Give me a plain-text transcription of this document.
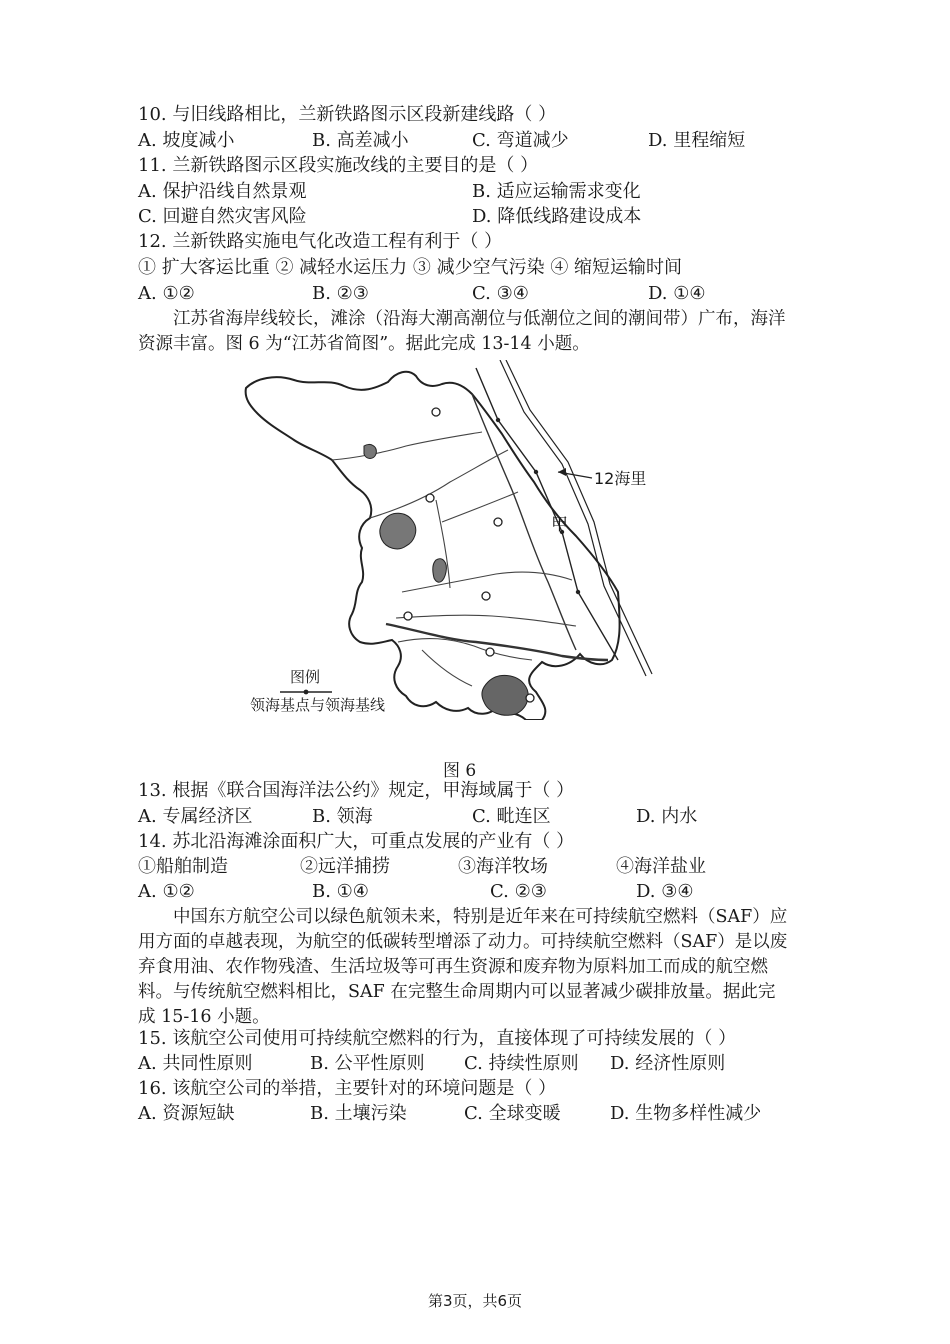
10. 与旧线路相比，兰新铁路图示区段新建线路（ ）
A. 坡度减小	B. 高差减小	C. 弯道减少	D. 里程缩短
11. 兰新铁路图示区段实施改线的主要目的是（ ）
A. 保护沿线自然景观	B. 适应运输需求变化
C. 回避自然灾害风险	D. 降低线路建设成本
12. 兰新铁路实施电气化改造工程有利于（ ）
① 扩大客运比重 ② 减轻水运压力 ③ 减少空气污染 ④ 缩短运输时间
A. ①②	B. ②③	C. ③④	D. ①④
江苏省海岸线较长，滩涂（沿海大潮高潮位与低潮位之间的潮间带）广布，海洋资源丰富。图 6 为“江苏省简图”。据此完成 13-14 小题。
12海里
甲
图例
领海基点与领海基线
图 6
13. 根据《联合国海洋法公约》规定，甲海域属于（ ）
A. 专属经济区	B. 领海	C. 毗连区	D. 内水
14. 苏北沿海滩涂面积广大，可重点发展的产业有（ ）
①船舶制造	②远洋捕捞	③海洋牧场	④海洋盐业
A. ①②	B. ①④	C. ②③	D. ③④
中国东方航空公司以绿色航领未来，特别是近年来在可持续航空燃料（SAF）应用方面的卓越表现，为航空的低碳转型增添了动力。可持续航空燃料（SAF）是以废弃食用油、农作物残渣、生活垃圾等可再生资源和废弃物为原料加工而成的航空燃料。与传统航空燃料相比，SAF 在完整生命周期内可以显著减少碳排放量。据此完成 15-16 小题。
15. 该航空公司使用可持续航空燃料的行为，直接体现了可持续发展的（ ）
A. 共同性原则	B. 公平性原则 C. 持续性原则 D. 经济性原则
16. 该航空公司的举措，主要针对的环境问题是（ ）
A. 资源短缺	B. 土壤污染	C. 全球变暖	D. 生物多样性减少
第3页，共6页
